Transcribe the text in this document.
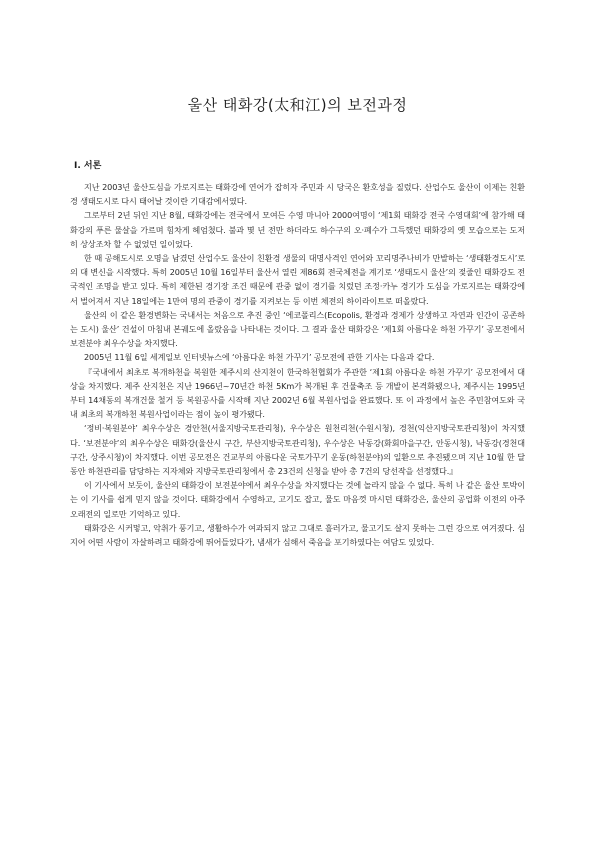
울산 태화강(太和江)의 보전과정
Ⅰ. 서론

지난 2003년 울산도심을 가로지르는 태화강에 연어가 잡히자 주민과 시 당국은 환호성을 질렀다. 산업수도 울산이 이제는 친환경 생태도시로 다시 태어날 것이란 기대감에서였다.

그로부터 2년 뒤인 지난 8월, 태화강에는 전국에서 모여든 수영 마니아 2000여명이 ‘제1회 태화강 전국 수영대회’에 참가해 태화강의 푸른 물살을 가르며 힘차게 헤엄쳤다. 불과 몇 년 전만 하더라도 하수구의 오·폐수가 그득했던 태화강의 옛 모습으로는 도저히 상상조차 할 수 없었던 일이었다.

한 때 공해도시로 오명을 남겼던 산업수도 울산이 친환경 생물의 대명사격인 연어와 꼬리명주나비가 만발하는 ‘생태환경도시’로의 대 변신을 시작했다. 특히 2005년 10월 16일부터 울산서 열린 제86회 전국체전을 계기로 ‘생태도시 울산’의 젖줄인 태화강도 전국적인 조명을 받고 있다. 특히 제한된 경기장 조건 때문에 관중 없이 경기를 치렀던 조정·카누 경기가 도심을 가로지르는 태화강에서 벌어져서 지난 18일에는 1만여 명의 관중이 경기를 지켜보는 등 이번 체전의 하이라이트로 떠올랐다.

울산의 이 같은 환경변화는 국내서는 처음으로 추진 중인 ‘에코폴리스(Ecopolis, 환경과 경제가 상생하고 자연과 인간이 공존하는 도시) 울산’ 건설이 마침내 본궤도에 올랐음을 나타내는 것이다. 그 결과 울산 태화강은 ‘제1회 아름다운 하천 가꾸기’ 공모전에서 보전분야 최우수상을 차지했다.

2005년 11월 6일 세계일보 인터넷뉴스에 ‘아름다운 하천 가꾸기’ 공모전에 관한 기사는 다음과 같다.

『국내에서 최초로 복개하천을 복원한 제주시의 산지천이 한국하천협회가 주관한 ‘제1회 아름다운 하천 가꾸기’ 공모전에서 대상을 차지했다. 제주 산지천은 지난 1966년~70년간 하천 5Km가 복개된 후 건물축조 등 개발이 본격화됐으나, 제주시는 1995년부터 14채동의 복개건물 철거 등 복원공사를 시작해 지난 2002년 6월 복원사업을 완료했다. 또 이 과정에서 높은 주민참여도와 국내 최초의 복개하천 복원사업이라는 점이 높이 평가됐다.

‘정비·복원분야’ 최우수상은 경안천(서울지방국토관리청), 우수상은 원천리천(수원시청), 경천(익산지방국토관리청)이 차지했다. ‘보전분야’의 최우수상은 태화강(울산시 구간, 부산지방국토관리청), 우수상은 낙동강(화회마을구간, 안동시청), 낙동강(경천대 구간, 상주시청)이 차지했다. 이번 공모전은 건교부의 아름다운 국토가꾸기 운동(하천분야)의 일환으로 추진됐으며 지난 10월 한 달 동안 하천관리를 담당하는 지자체와 지방국토관리청에서 총 23건의 신청을 받아 총 7건의 당선작을 선정했다.』

이 기사에서 보듯이, 울산의 태화강이 보전분야에서 최우수상을 차지했다는 것에 놀라지 않을 수 없다. 특히 나 같은 울산 토박이는 이 기사를 쉽게 믿지 않을 것이다. 태화강에서 수영하고, 고기도 잡고, 물도 마음껏 마시던 태화강은, 울산의 공업화 이전의 아주 오래전의 일로만 기억하고 있다.

태화강은 시커멓고, 악취가 풍기고, 생활하수가 여과되지 않고 그대로 흘러가고, 물고기도 살지 못하는 그런 강으로 여겨졌다. 심지어 어떤 사람이 자살하려고 태화강에 뛰어들었다가, 냄새가 심해서 죽음을 포기하였다는 여담도 있었다.
